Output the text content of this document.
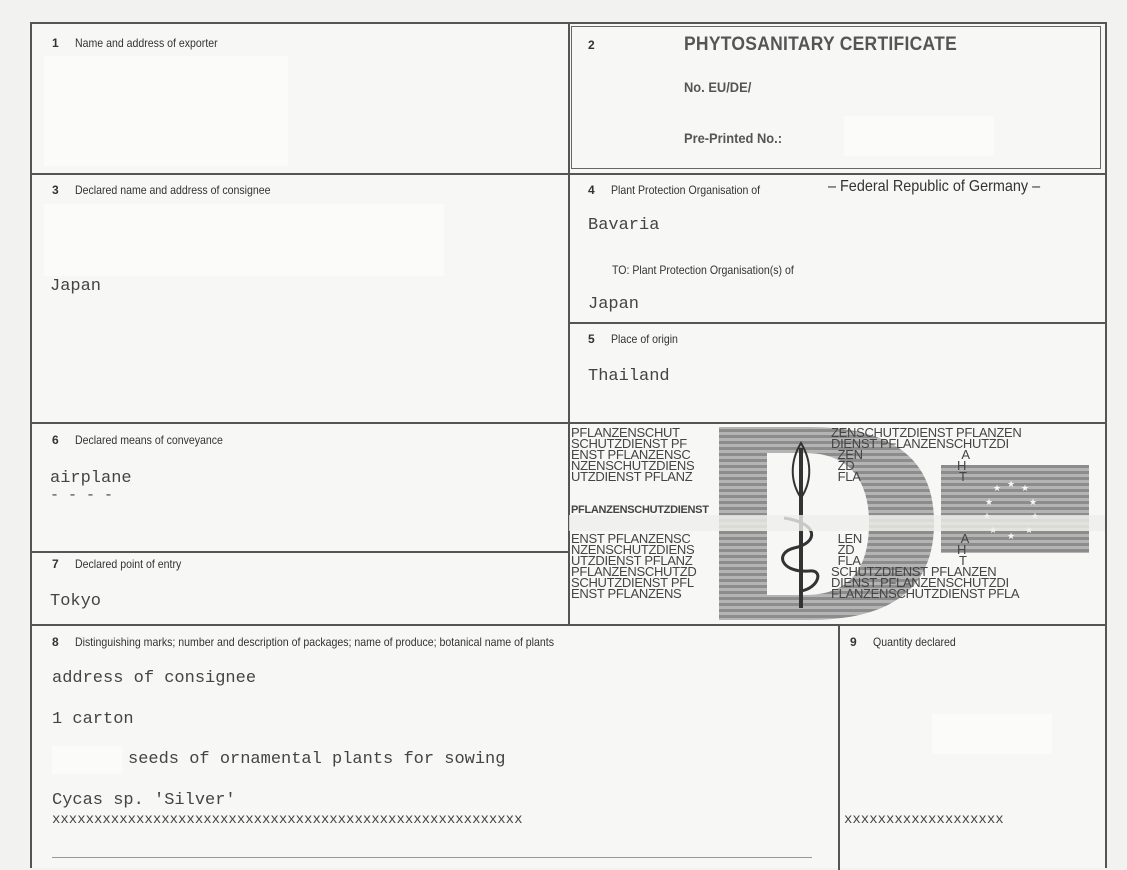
1 Name and address of exporter	2	PHYTOSANITARY CERTIFICATE
No. EU/DE/
Pre-Printed No.:
3 Declared name and address of consignee
Japan
4 Plant Protection Organisation of	– Federal Republic of Germany –
Bavaria
TO: Plant Protection Organisation(s) of
Japan
5 Place of origin
Thailand
6 Declared means of conveyance
airplane
- - - -
7 Declared point of entry
Tokyo
★ ★
★
★	★
★
PFLANZENSCHUT
SCHUTZDIENST PF
ENST PFLANZENSC
NZENSCHUTZDIENS
UTZDIENST PFLANZ
PFLANZENSCHUTZDIENST
ENST PFLANZENSC
NZENSCHUTZDIENS
UTZDIENST PFLANZ
PFLANZENSCHUTZD
SCHUTZDIENST PFL
ENST PFLANZENS
ZENSCHUTZDIENST PFLANZEN
DIENST PFLANZENSCHUTZDI
ZEN                              A
ZD                               H
FLA                              T
LEN                              A
ZD                               H
FLA                              T
SCHUTZDIENST PFLANZEN
DIENST PFLANZENSCHUTZDI
FLANZENSCHUTZDIENST PFLA
8 Distinguishing marks; number and description of packages; name of produce; botanical name of plants
address of consignee
1 carton
seeds of ornamental plants for sowing
Cycas sp. 'Silver'
xxxxxxxxxxxxxxxxxxxxxxxxxxxxxxxxxxxxxxxxxxxxxxxxxxxxxxxx
9 Quantity declared
xxxxxxxxxxxxxxxxxxx
